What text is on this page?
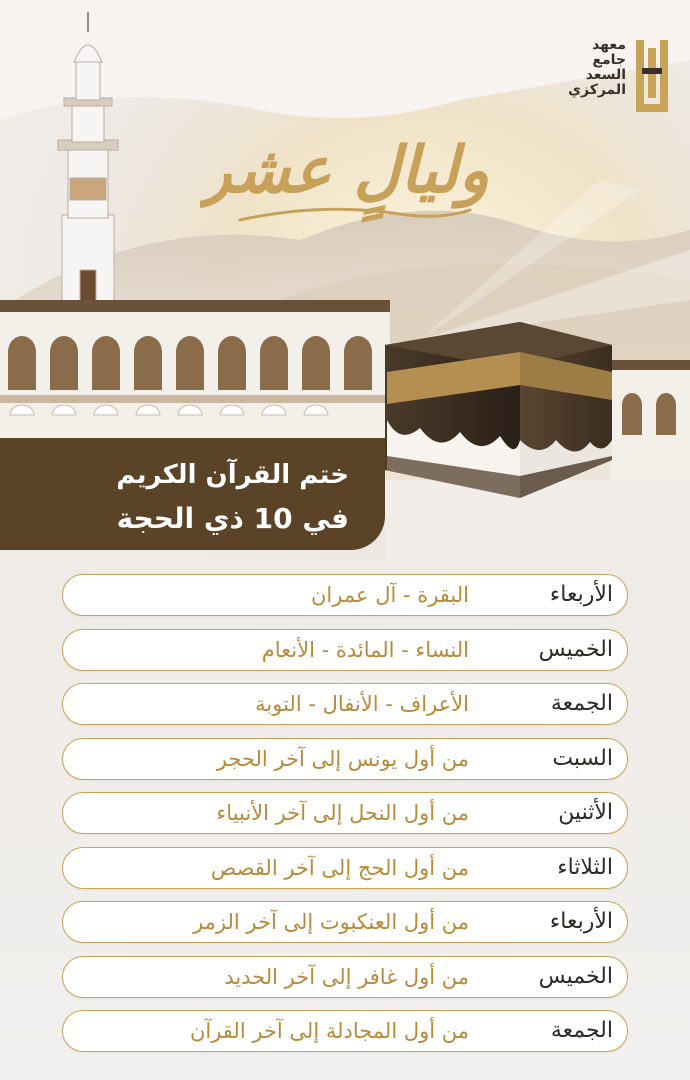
معهد
جامع
السعد
المركزي
وليالٍ عشر
ختم القرآن الكريم
في 10 ذي الحجة
الأربعاء
البقرة - آل عمران
الخميس
النساء - المائدة - الأنعام
الجمعة
الأعراف - الأنفال - التوبة
السبت
من أول يونس إلى آخر الحجر
الأثنين
من أول النحل إلى آخر الأنبياء
الثلاثاء
من أول الحج إلى آخر القصص
الأربعاء
من أول العنكبوت إلى آخر الزمر
الخميس
من أول غافر إلى آخر الحديد
الجمعة
من أول المجادلة إلى آخر القرآن
